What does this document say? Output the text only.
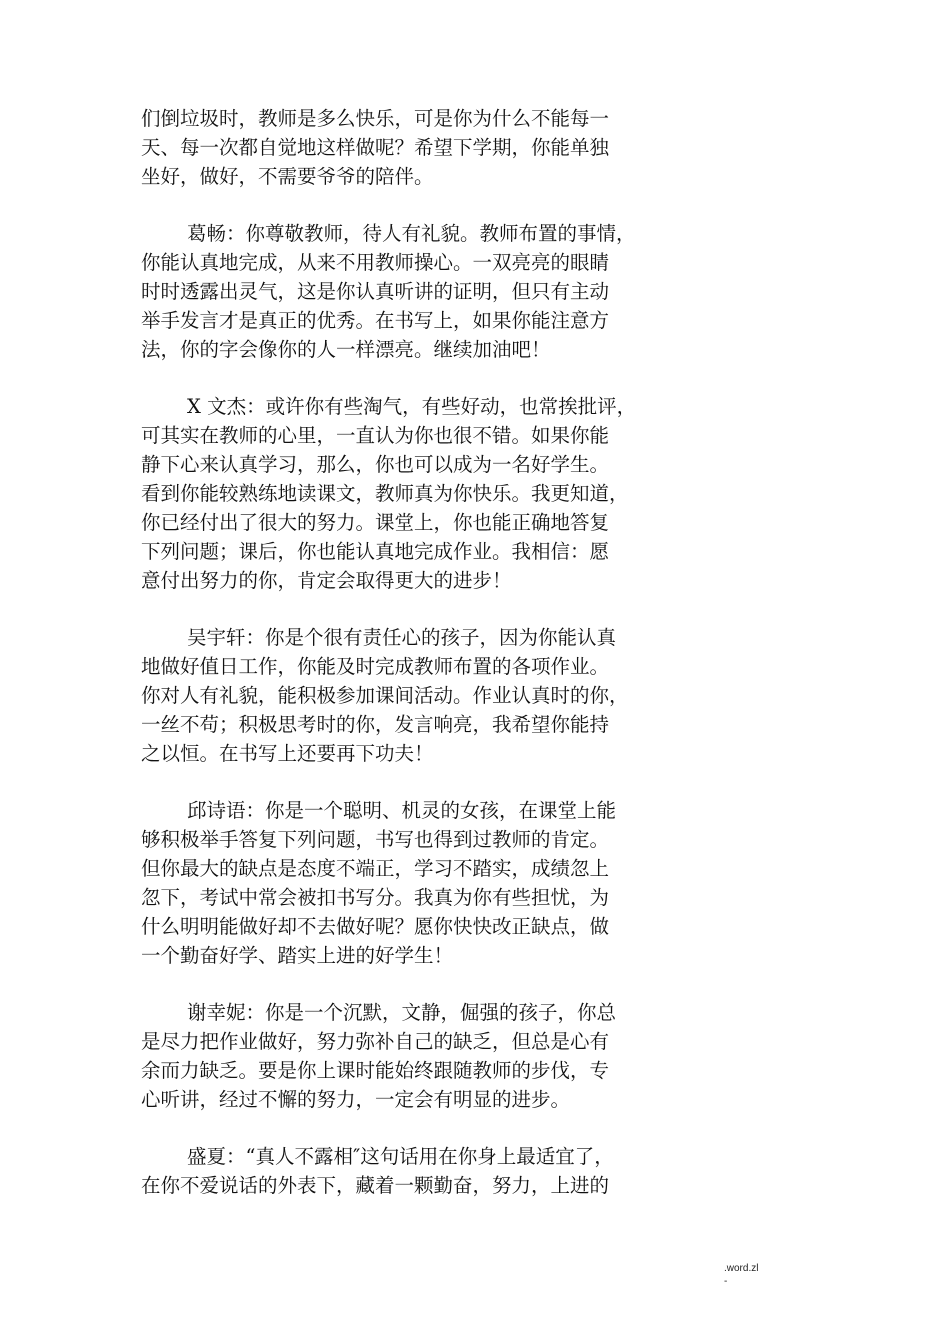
们倒垃圾时，教师是多么快乐，可是你为什么不能每一
天、每一次都自觉地这样做呢？希望下学期，你能单独
坐好，做好，不需要爷爷的陪伴。

葛畅：你尊敬教师，待人有礼貌。教师布置的事情，
你能认真地完成，从来不用教师操心。一双亮亮的眼睛
时时透露出灵气，这是你认真听讲的证明，但只有主动
举手发言才是真正的优秀。在书写上，如果你能注意方
法，你的字会像你的人一样漂亮。继续加油吧！

X 文杰：或许你有些淘气，有些好动，也常挨批评，
可其实在教师的心里，一直认为你也很不错。如果你能
静下心来认真学习，那么，你也可以成为一名好学生。
看到你能较熟练地读课文，教师真为你快乐。我更知道，
你已经付出了很大的努力。课堂上，你也能正确地答复
下列问题；课后，你也能认真地完成作业。我相信：愿
意付出努力的你，肯定会取得更大的进步！

吴宇轩：你是个很有责任心的孩子，因为你能认真
地做好值日工作，你能及时完成教师布置的各项作业。
你对人有礼貌，能积极参加课间活动。作业认真时的你，
一丝不苟；积极思考时的你，发言响亮，我希望你能持
之以恒。在书写上还要再下功夫！

邱诗语：你是一个聪明、机灵的女孩，在课堂上能
够积极举手答复下列问题，书写也得到过教师的肯定。
但你最大的缺点是态度不端正，学习不踏实，成绩忽上
忽下，考试中常会被扣书写分。我真为你有些担忧，为
什么明明能做好却不去做好呢？愿你快快改正缺点，做
一个勤奋好学、踏实上进的好学生！

谢幸妮：你是一个沉默，文静，倔强的孩子，你总
是尽力把作业做好，努力弥补自己的缺乏，但总是心有
余而力缺乏。要是你上课时能始终跟随教师的步伐，专
心听讲，经过不懈的努力，一定会有明显的进步。

盛夏：“真人不露相″这句话用在你身上最适宜了，
在你不爱说话的外表下，藏着一颗勤奋，努力，上进的

.word.zl
-
